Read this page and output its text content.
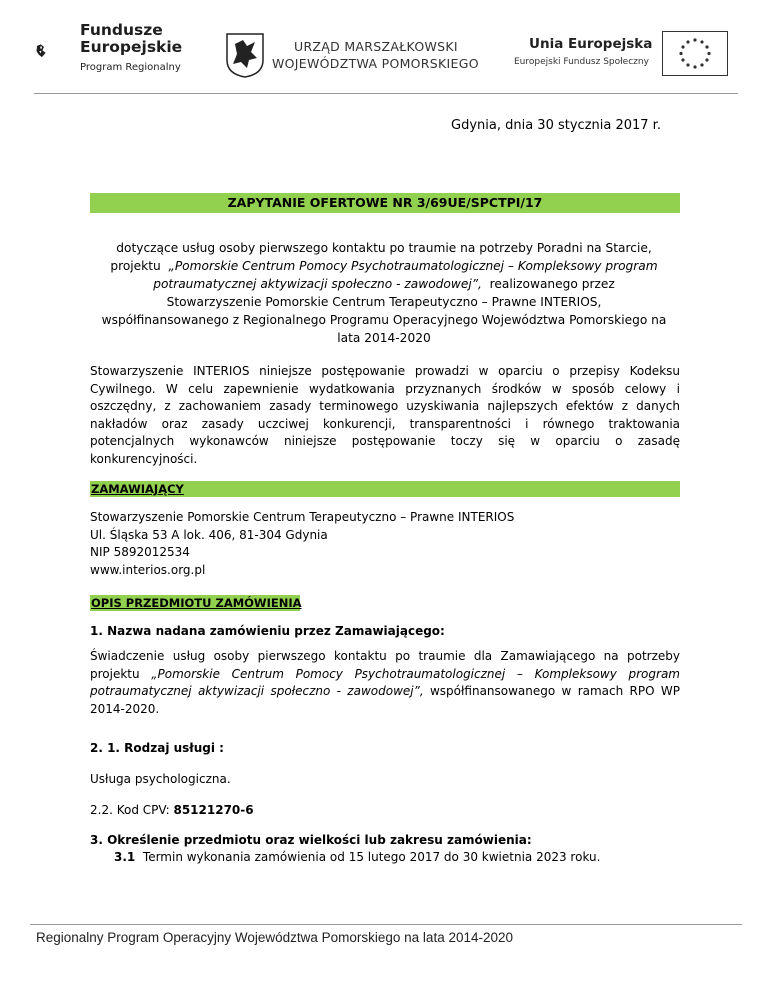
Fundusze Europejskie
Program Regionalny
URZĄD MARSZAŁKOWSKI
WOJEWÓDZTWA POMORSKIEGO
Unia Europejska
Europejski Fundusz Społeczny
Gdynia, dnia 30 stycznia 2017 r.
ZAPYTANIE OFERTOWE NR 3/69UE/SPCTPI/17
dotyczące usług osoby pierwszego kontaktu po traumie na potrzeby Poradni na Starcie,
projektu „Pomorskie Centrum Pomocy Psychotraumatologicznej – Kompleksowy program
potraumatycznej aktywizacji społeczno - zawodowej”, realizowanego przez
Stowarzyszenie Pomorskie Centrum Terapeutyczno – Prawne INTERIOS,
współfinansowanego z Regionalnego Programu Operacyjnego Województwa Pomorskiego na
lata 2014-2020
Stowarzyszenie INTERIOS niniejsze postępowanie prowadzi w oparciu o przepisy Kodeksu Cywilnego. W celu zapewnienie wydatkowania przyznanych środków w sposób celowy i oszczędny, z zachowaniem zasady terminowego uzyskiwania najlepszych efektów z danych nakładów oraz zasady uczciwej konkurencji, transparentności i równego traktowania potencjalnych wykonawców niniejsze postępowanie toczy się w oparciu o zasadę konkurencyjności.
ZAMAWIAJĄCY
Stowarzyszenie Pomorskie Centrum Terapeutyczno – Prawne INTERIOS
Ul. Śląska 53 A lok. 406, 81-304 Gdynia
NIP 5892012534
www.interios.org.pl
OPIS PRZEDMIOTU ZAMÓWIENIA
1. Nazwa nadana zamówieniu przez Zamawiającego:
Świadczenie usług osoby pierwszego kontaktu po traumie dla Zamawiającego na potrzeby projektu „Pomorskie Centrum Pomocy Psychotraumatologicznej – Kompleksowy program potraumatycznej aktywizacji społeczno - zawodowej”, współfinansowanego w ramach RPO WP 2014-2020.
2. 1. Rodzaj usługi :
Usługa psychologiczna.
2.2. Kod CPV: 85121270-6
3. Określenie przedmiotu oraz wielkości lub zakresu zamówienia:
3.1 Termin wykonania zamówienia od 15 lutego 2017 do 30 kwietnia 2023 roku.
Regionalny Program Operacyjny Województwa Pomorskiego na lata 2014-2020
